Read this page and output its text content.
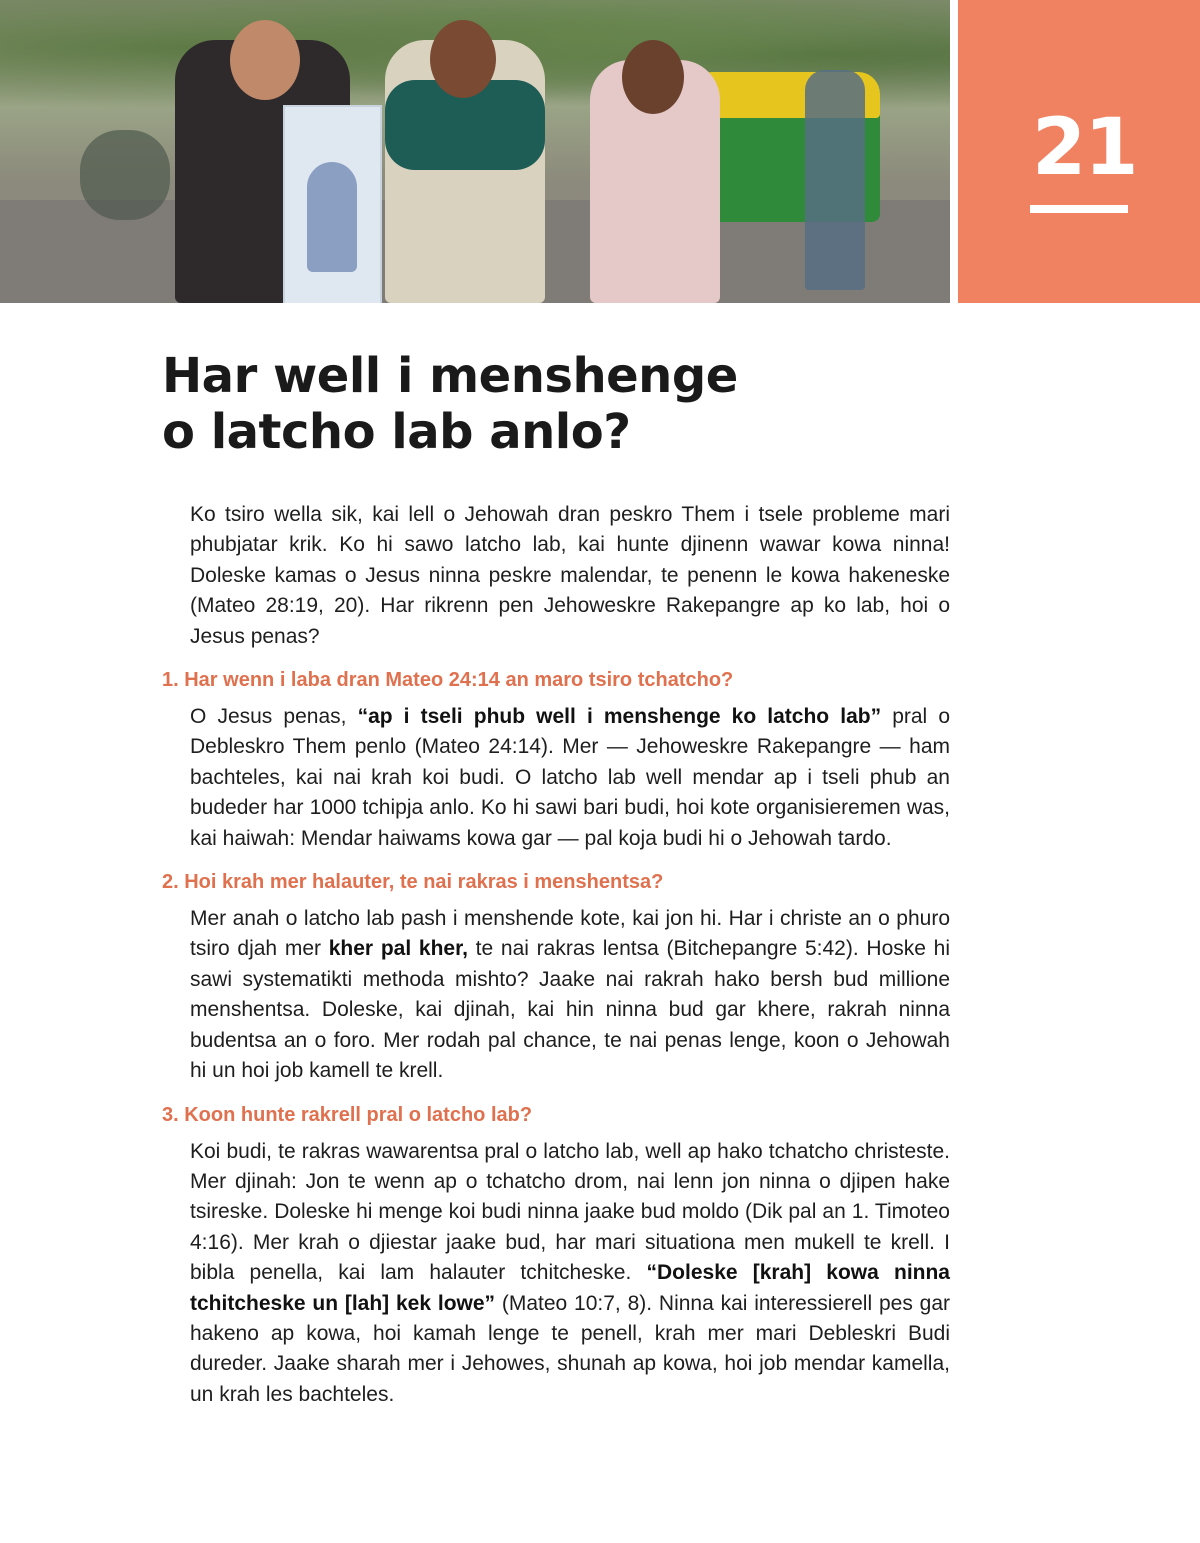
21
Har well i menshenge
o latcho lab anlo?

Ko tsiro wella sik, kai lell o Jehowah dran peskro Them i tsele probleme mari phubjatar krik. Ko hi sawo latcho lab, kai hunte djinenn wawar kowa ninna! Doleske kamas o Jesus ninna peskre malendar, te penenn le kowa hakeneske (Mateo 28:19, 20). Har rikrenn pen Jehoweskre Rakepangre ap ko lab, hoi o Jesus penas?

1. Har wenn i laba dran Mateo 24:14 an maro tsiro tchatcho?

O Jesus penas, “ap i tseli phub well i menshenge ko latcho lab” pral o Debleskro Them penlo (Mateo 24:14). Mer — Jehoweskre Rakepangre — ham bachteles, kai nai krah koi budi. O latcho lab well mendar ap i tseli phub an budeder har 1000 tchipja anlo. Ko hi sawi bari budi, hoi kote organisieremen was, kai haiwah: Mendar haiwams kowa gar — pal koja budi hi o Jehowah tardo.

2. Hoi krah mer halauter, te nai rakras i menshentsa?

Mer anah o latcho lab pash i menshende kote, kai jon hi. Har i christe an o phuro tsiro djah mer kher pal kher, te nai rakras lentsa (Bitchepangre 5:42). Hoske hi sawi systematikti methoda mishto? Jaake nai rakrah hako bersh bud millione menshentsa. Doleske, kai djinah, kai hin ninna bud gar khere, rakrah ninna budentsa an o foro. Mer rodah pal chance, te nai penas lenge, koon o Jehowah hi un hoi job kamell te krell.

3. Koon hunte rakrell pral o latcho lab?

Koi budi, te rakras wawarentsa pral o latcho lab, well ap hako tchatcho christeste. Mer djinah: Jon te wenn ap o tchatcho drom, nai lenn jon ninna o djipen hake tsireske. Doleske hi menge koi budi ninna jaake bud moldo (Dik pal an 1. Timoteo 4:16). Mer krah o djiestar jaake bud, har mari situationa men mukell te krell. I bibla penella, kai lam halauter tchitcheske. “Doleske [krah] kowa ninna tchitcheske un [lah] kek lowe” (Mateo 10:7, 8). Ninna kai interessierell pes gar hakeno ap kowa, hoi kamah lenge te penell, krah mer mari Debleskri Budi dureder. Jaake sharah mer i Jehowes, shunah ap kowa, hoi job mendar kamella, un krah les bachteles.
